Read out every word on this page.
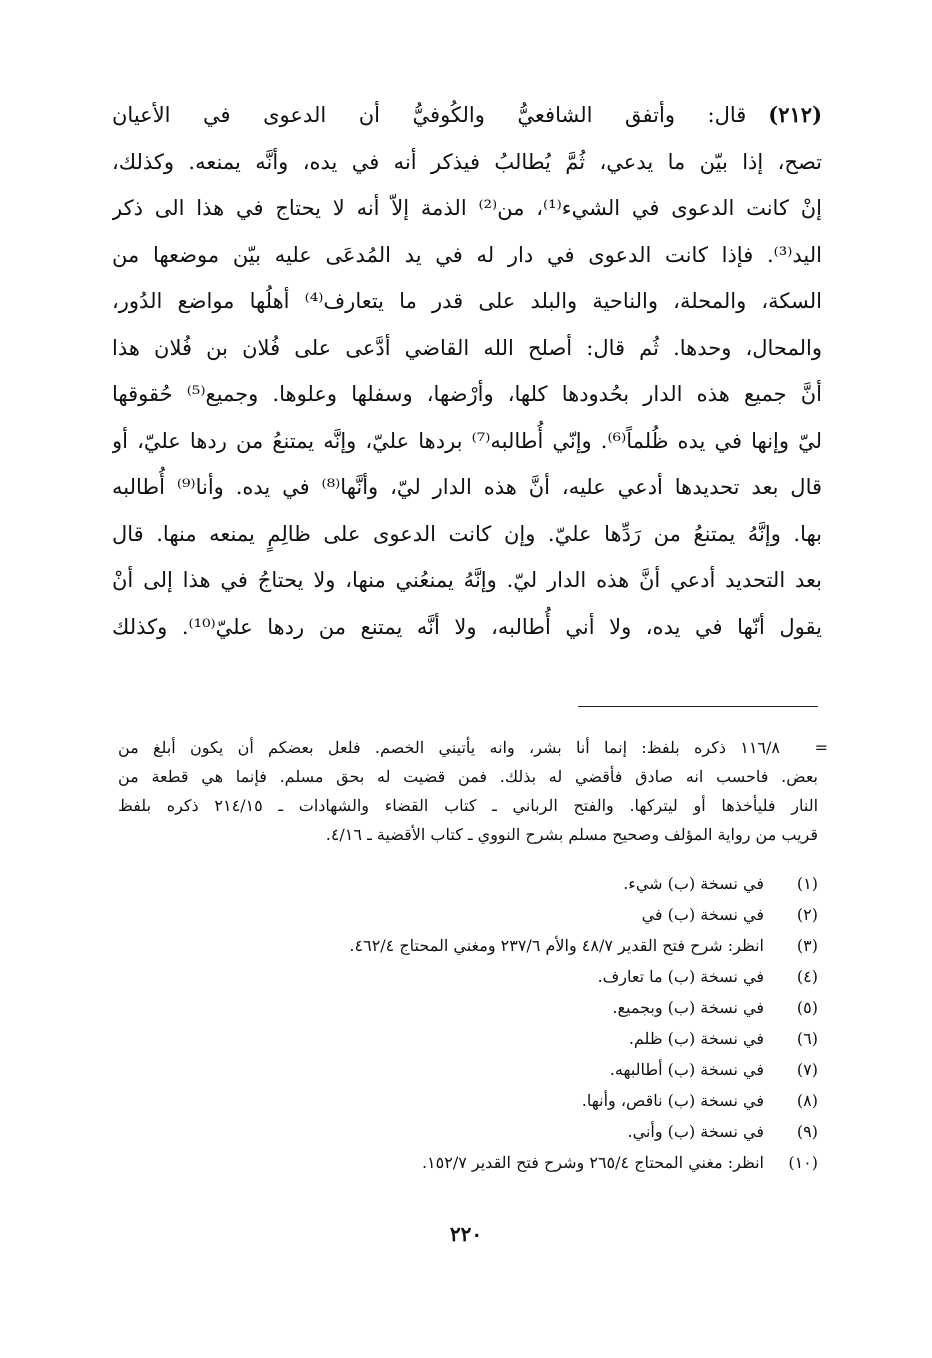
(٢١٢)قال: وأتفق الشافعيُّ والكُوفيُّ أن الدعوى في الأعيان
تصح، إذا بيّن ما يدعي، ثُمَّ يُطالبُ فيذكر أنه في يده، وأنَّه يمنعه. وكذلك،
إنْ كانت الدعوى في الشيء⁽¹⁾، من⁽²⁾ الذمة إلاّ أنه لا يحتاج في هذا الى ذكر
اليد⁽³⁾. فإذا كانت الدعوى في دار له في يد المُدعَى عليه بيّن موضعها من
السكة، والمحلة، والناحية والبلد على قدر ما يتعارف⁽⁴⁾ أهلُها مواضع الدُور،
والمحال، وحدها. ثُم قال: أصلح الله القاضي أدَّعى على فُلان بن فُلان هذا
أنَّ جميع هذه الدار بحُدودها كلها، وأرْضها، وسفلها وعلوها. وجميع⁽⁵⁾ حُقوقها
ليّ وإنها في يده ظُلماً⁽⁶⁾. وإنّي أُطالبه⁽⁷⁾ بردها عليّ، وإنَّه يمتنعُ من ردها عليّ، أو
قال بعد تحديدها أدعي عليه، أنَّ هذه الدار ليّ، وأنَّها⁽⁸⁾ في يده. وأنا⁽⁹⁾ أُطالبه
بها. وإنَّهُ يمتنعُ من رَدِّها عليّ. وإن كانت الدعوى على ظالِمٍ يمنعه منها. قال
بعد التحديد أدعي أنَّ هذه الدار ليّ. وإنَّهُ يمنعُني منها، ولا يحتاجُ في هذا إلى أنْ
يقول أنّها في يده، ولا أني أُطالبه، ولا أنَّه يمتنع من ردها عليّ⁽¹⁰⁾. وكذلك
=
١١٦/٨ ذكره بلفظ: إنما أنا بشر، وانه يأتيني الخصم. فلعل بعضكم أن يكون أبلغ من
بعض. فاحسب انه صادق فأقضي له بذلك. فمن قضيت له بحق مسلم. فإنما هي قطعة من
النار فليأخذها أو ليتركها. والفتح الرباني ـ كتاب القضاء والشهادات ـ ٢١٤/١٥ ذكره بلفظ
قريب من رواية المؤلف وصحيح مسلم بشرح النووي ـ كتاب الأقضية ـ ٤/١٦.
(١)في نسخة (ب) شيء.
(٢)في نسخة (ب) في
(٣)انظر: شرح فتح القدير ٤٨/٧ والأم ٢٣٧/٦ ومغني المحتاج ٤٦٢/٤.
(٤)في نسخة (ب) ما تعارف.
(٥)في نسخة (ب) وبجميع.
(٦)في نسخة (ب) ظلم.
(٧)في نسخة (ب) أطالبهه.
(٨)في نسخة (ب) ناقص، وأنها.
(٩)في نسخة (ب) وأني.
(١٠)انظر: مغني المحتاج ٢٦٥/٤ وشرح فتح القدير ١٥٢/٧.
٢٢٠
